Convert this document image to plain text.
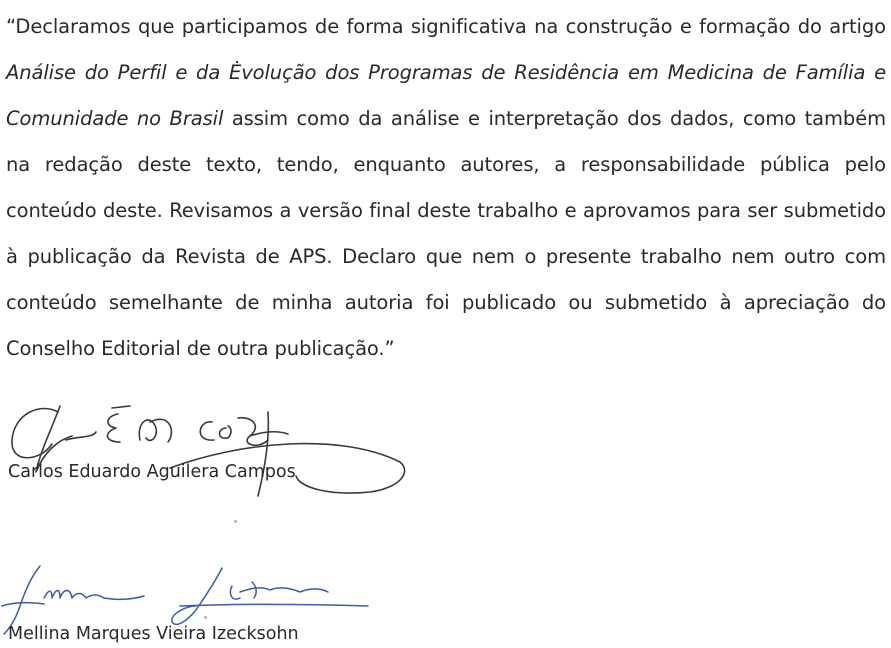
“Declaramos que participamos de forma significativa na construção e formação do artigo Análise do Perfil e da Ėvolução dos Programas de Residência em Medicina de Família e Comunidade no Brasil assim como da análise e interpretação dos dados, como também na redação deste texto, tendo, enquanto autores, a responsabilidade pública pelo conteúdo deste. Revisamos a versão final deste trabalho e aprovamos para ser submetido à publicação da Revista de APS. Declaro que nem o presente trabalho nem outro com conteúdo semelhante de minha autoria foi publicado ou submetido à apreciação do Conselho Editorial de outra publicação.”
Carlos Eduardo Aguilera Campos
Mellina Marques Vieira Izecksohn
